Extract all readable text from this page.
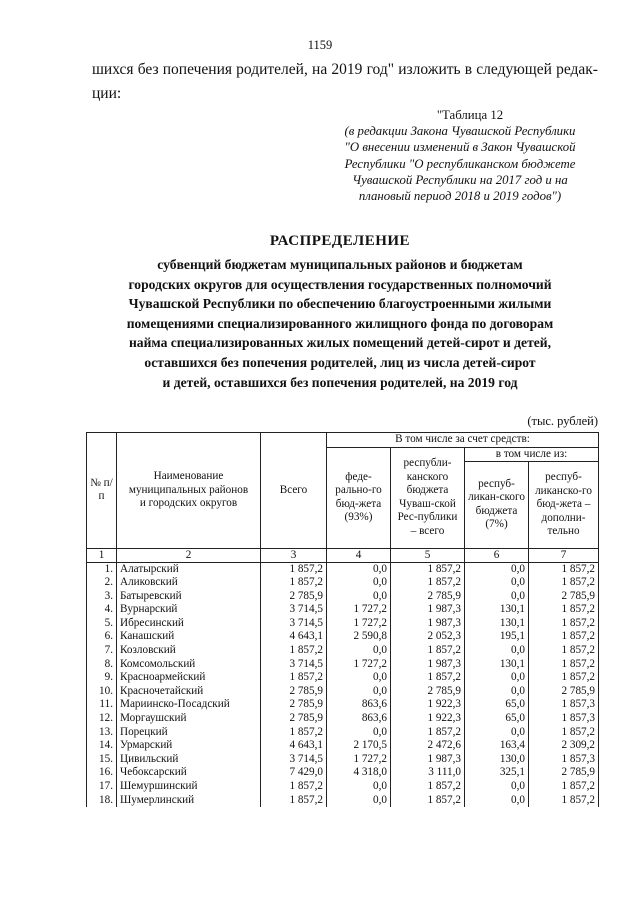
1159
шихся без попечения родителей, на 2019 год" изложить в следующей редак-
ции:
"Таблица 12
(в редакции Закона Чувашской Республики
"О внесении изменений в Закон Чувашской
Республики "О республиканском бюджете
Чувашской Республики на 2017 год и на
плановый период 2018 и 2019 годов")
РАСПРЕДЕЛЕНИЕ
субвенций бюджетам муниципальных районов и бюджетам
городских округов для осуществления государственных полномочий
Чувашской Республики по обеспечению благоустроенными жилыми
помещениями специализированного жилищного фонда по договорам
найма специализированных жилых помещений детей-сирот и детей,
оставшихся без попечения родителей, лиц из числа детей-сирот
и детей, оставшихся без попечения родителей, на 2019 год
(тыс. рублей)
№ п/п	Наименование муниципальных районов и городских округов	Всего	В том числе за счет средств:			
			феде-ральнo-го бюд-жета (93%)	республи-канского бюджета Чуваш-ской Рес-публики – всего	в том числе из:	
					респуб-ликан-ского бюджета (7%)	респуб-ликанско-го бюд-жета – дополни-тельно
1	2	3	4	5	6	7
1.	Алатырский	1 857,2	0,0	1 857,2	0,0	1 857,2
2.	Аликовский	1 857,2	0,0	1 857,2	0,0	1 857,2
3.	Батыревский	2 785,9	0,0	2 785,9	0,0	2 785,9
4.	Вурнарский	3 714,5	1 727,2	1 987,3	130,1	1 857,2
5.	Ибресинский	3 714,5	1 727,2	1 987,3	130,1	1 857,2
6.	Канашский	4 643,1	2 590,8	2 052,3	195,1	1 857,2
7.	Козловский	1 857,2	0,0	1 857,2	0,0	1 857,2
8.	Комсомольский	3 714,5	1 727,2	1 987,3	130,1	1 857,2
9.	Красноармейский	1 857,2	0,0	1 857,2	0,0	1 857,2
10.	Красночетайский	2 785,9	0,0	2 785,9	0,0	2 785,9
11.	Мариинско-Посадский	2 785,9	863,6	1 922,3	65,0	1 857,3
12.	Моргаушский	2 785,9	863,6	1 922,3	65,0	1 857,3
13.	Порецкий	1 857,2	0,0	1 857,2	0,0	1 857,2
14.	Урмарский	4 643,1	2 170,5	2 472,6	163,4	2 309,2
15.	Цивильский	3 714,5	1 727,2	1 987,3	130,0	1 857,3
16.	Чебоксарский	7 429,0	4 318,0	3 111,0	325,1	2 785,9
17.	Шемуршинский	1 857,2	0,0	1 857,2	0,0	1 857,2
18.	Шумерлинский	1 857,2	0,0	1 857,2	0,0	1 857,2
